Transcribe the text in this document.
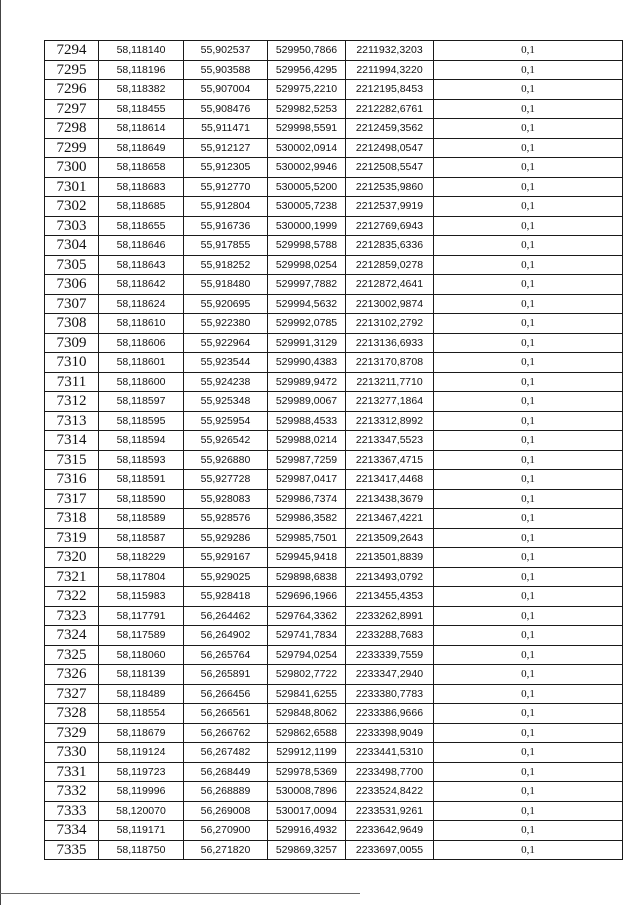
7294	58,118140	55,902537	529950,7866	2211932,3203	0,1
7295	58,118196	55,903588	529956,4295	2211994,3220	0,1
7296	58,118382	55,907004	529975,2210	2212195,8453	0,1
7297	58,118455	55,908476	529982,5253	2212282,6761	0,1
7298	58,118614	55,911471	529998,5591	2212459,3562	0,1
7299	58,118649	55,912127	530002,0914	2212498,0547	0,1
7300	58,118658	55,912305	530002,9946	2212508,5547	0,1
7301	58,118683	55,912770	530005,5200	2212535,9860	0,1
7302	58,118685	55,912804	530005,7238	2212537,9919	0,1
7303	58,118655	55,916736	530000,1999	2212769,6943	0,1
7304	58,118646	55,917855	529998,5788	2212835,6336	0,1
7305	58,118643	55,918252	529998,0254	2212859,0278	0,1
7306	58,118642	55,918480	529997,7882	2212872,4641	0,1
7307	58,118624	55,920695	529994,5632	2213002,9874	0,1
7308	58,118610	55,922380	529992,0785	2213102,2792	0,1
7309	58,118606	55,922964	529991,3129	2213136,6933	0,1
7310	58,118601	55,923544	529990,4383	2213170,8708	0,1
7311	58,118600	55,924238	529989,9472	2213211,7710	0,1
7312	58,118597	55,925348	529989,0067	2213277,1864	0,1
7313	58,118595	55,925954	529988,4533	2213312,8992	0,1
7314	58,118594	55,926542	529988,0214	2213347,5523	0,1
7315	58,118593	55,926880	529987,7259	2213367,4715	0,1
7316	58,118591	55,927728	529987,0417	2213417,4468	0,1
7317	58,118590	55,928083	529986,7374	2213438,3679	0,1
7318	58,118589	55,928576	529986,3582	2213467,4221	0,1
7319	58,118587	55,929286	529985,7501	2213509,2643	0,1
7320	58,118229	55,929167	529945,9418	2213501,8839	0,1
7321	58,117804	55,929025	529898,6838	2213493,0792	0,1
7322	58,115983	55,928418	529696,1966	2213455,4353	0,1
7323	58,117791	56,264462	529764,3362	2233262,8991	0,1
7324	58,117589	56,264902	529741,7834	2233288,7683	0,1
7325	58,118060	56,265764	529794,0254	2233339,7559	0,1
7326	58,118139	56,265891	529802,7722	2233347,2940	0,1
7327	58,118489	56,266456	529841,6255	2233380,7783	0,1
7328	58,118554	56,266561	529848,8062	2233386,9666	0,1
7329	58,118679	56,266762	529862,6588	2233398,9049	0,1
7330	58,119124	56,267482	529912,1199	2233441,5310	0,1
7331	58,119723	56,268449	529978,5369	2233498,7700	0,1
7332	58,119996	56,268889	530008,7896	2233524,8422	0,1
7333	58,120070	56,269008	530017,0094	2233531,9261	0,1
7334	58,119171	56,270900	529916,4932	2233642,9649	0,1
7335	58,118750	56,271820	529869,3257	2233697,0055	0,1
